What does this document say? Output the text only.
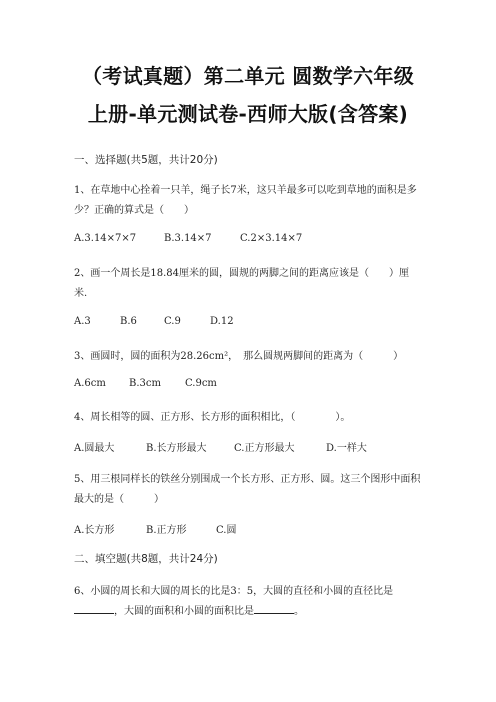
（考试真题）第二单元 圆数学六年级
上册-单元测试卷-西师大版(含答案)
一、选择题(共5题，共计20分)
1、在草地中心拴着一只羊，绳子长7米，这只羊最多可以吃到草地的面积是多
少？正确的算式是（　　）
A.3.14×7×7	B.3.14×7	C.2×3.14×7
2、画一个周长是18.84厘米的圆，圆规的两脚之间的距离应该是（　　）厘
米.
A.3	B.6	C.9	D.12
3、画圆时，圆的面积为28.26cm²，　那么圆规两脚间的距离为（　　　）
A.6cm B.3cm C.9cm
4、周长相等的圆、正方形、长方形的面积相比，（　　　　）。
A.圆最大	B.长方形最大	C.正方形最大	D.一样大
5、用三根同样长的铁丝分别围成一个长方形、正方形、圆。这三个图形中面积
最大的是（　　　）
A.长方形	B.正方形	C.圆
二、填空题(共8题，共计24分)
6、小圆的周长和大圆的周长的比是3：5，大圆的直径和小圆的直径比是
，大圆的面积和小圆的面积比是	。
